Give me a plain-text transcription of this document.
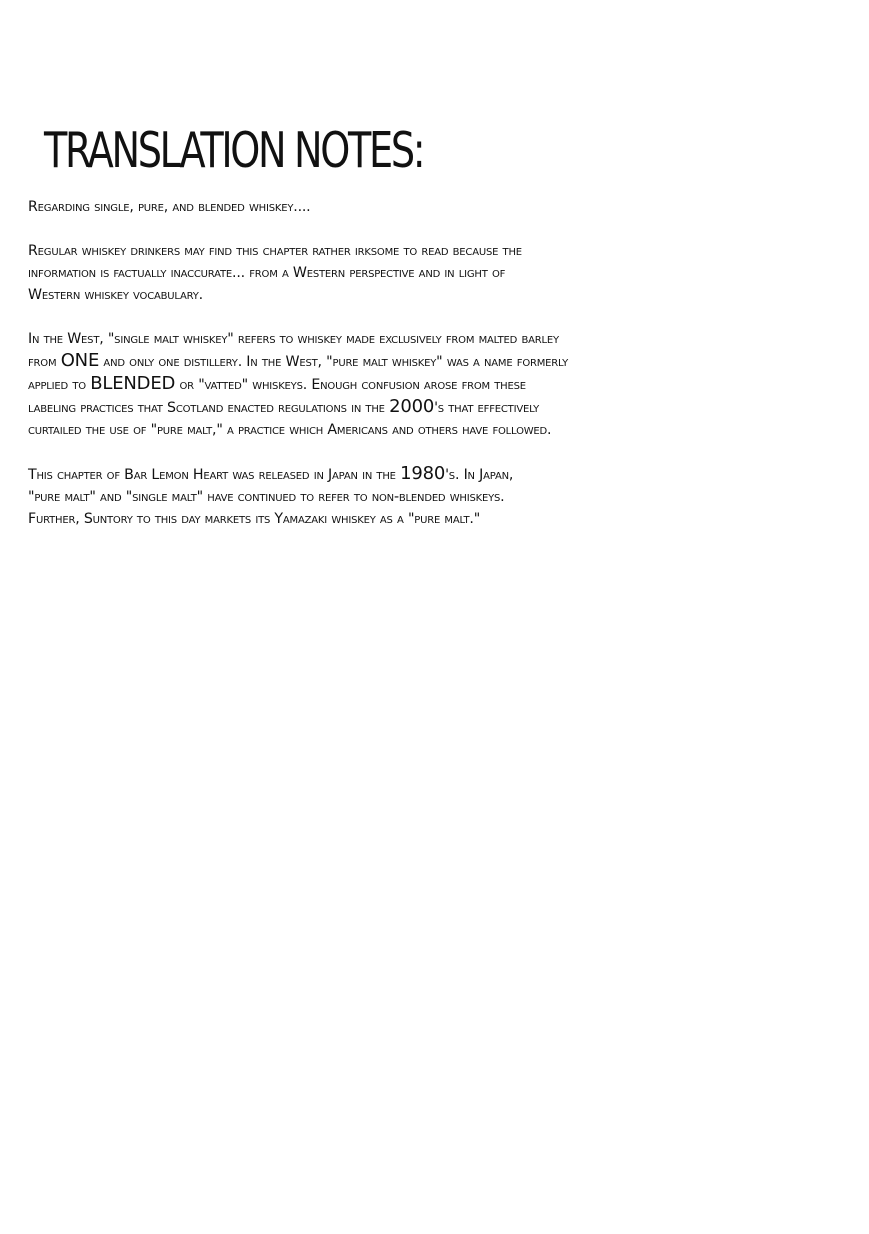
TRANSLATION NOTES:

Regarding single, pure, and blended whiskey....

Regular whiskey drinkers may find this chapter rather irksome to read because the
information is factually inaccurate... from a Western perspective and in light of
Western whiskey vocabulary.

In the West, "single malt whiskey" refers to whiskey made exclusively from malted barley
from ONE and only one distillery. In the West, "pure malt whiskey" was a name formerly
applied to BLENDED or "vatted" whiskeys. Enough confusion arose from these
labeling practices that Scotland enacted regulations in the 2000's that effectively
curtailed the use of "pure malt," a practice which Americans and others have followed.

This chapter of Bar Lemon Heart was released in Japan in the 1980's. In Japan,
"pure malt" and "single malt" have continued to refer to non-blended whiskeys.
Further, Suntory to this day markets its Yamazaki whiskey as a "pure malt."
